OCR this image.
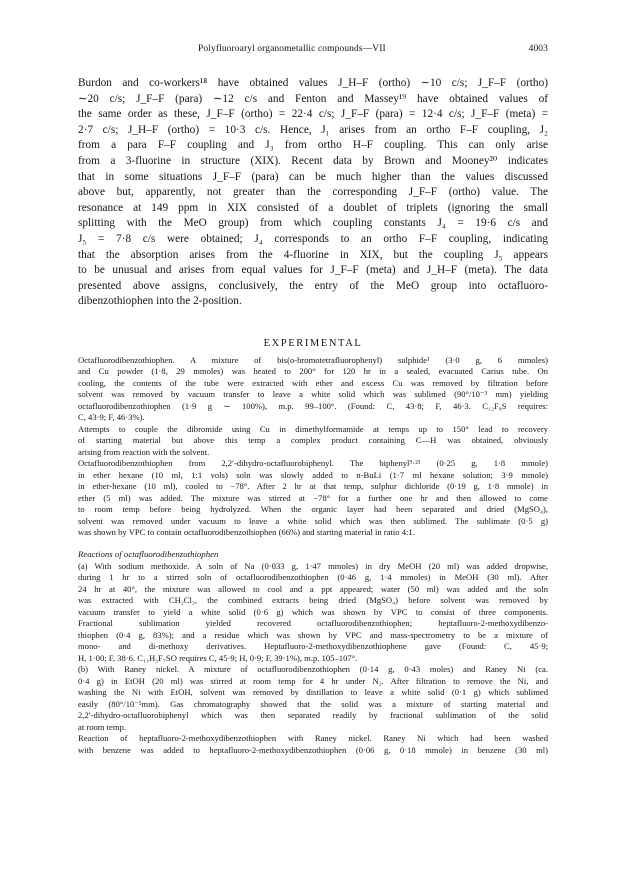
Polyfluoroaryl organometallic compounds—VII	4003
Burdon and co-workers¹⁸ have obtained values J_H–F (ortho) ∼10 c/s; J_F–F (ortho)
∼20 c/s; J_F–F (para) ∼12 c/s and Fenton and Massey¹⁹ have obtained values of
the same order as these, J_F–F (ortho) = 22·4 c/s; J_F–F (para) = 12·4 c/s; J_F–F (meta) =
2·7 c/s; J_H–F (ortho) = 10·3 c/s. Hence, J₁ arises from an ortho F–F coupling, J₂
from a para F–F coupling and J₃ from ortho H–F coupling. This can only arise
from a 3-fluorine in structure (XIX). Recent data by Brown and Mooney²⁰ indicates
that in some situations J_F–F (para) can be much higher than the values discussed
above but, apparently, not greater than the corresponding J_F–F (ortho) value. The
resonance at 149 ppm in XIX consisted of a doublet of triplets (ignoring the small
splitting with the MeO group) from which coupling constants J₄ = 19·6 c/s and
J₅ = 7·8 c/s were obtained; J₄ corresponds to an ortho F–F coupling, indicating
that the absorption arises from the 4-fluorine in XIX, but the coupling J₅ appears
to be unusual and arises from equal values for J_F–F (meta) and J_H–F (meta). The data
presented above assigns, conclusively, the entry of the MeO group into octafluoro-
dibenzothiophen into the 2-position.
EXPERIMENTAL
Octafluorodibenzothiophen. A mixture of bis(o-bromotetrafluorophenyl) sulphide¹ (3·0 g, 6 mmoles)
and Cu powder (1·8, 29 mmoles) was heated to 200° for 120 hr in a sealed, evacuated Carius tube. On
cooling, the contents of the tube were extracted with ether and excess Cu was removed by filtration before
solvent was removed by vacuum transfer to leave a white solid which was sublimed (90°/10⁻³ mm) yielding
octafluorodibenzothiophen (1·9 g ∼ 100%), m.p. 99–100°. (Found: C, 43·8; F, 46·3. C₁₂F₈S requires:
C, 43·9; F, 46·3%).
Attempts to couple the dibromide using Cu in dimethylformamide at temps up to 150° lead to recovery
of starting material but above this temp a complex product containing C—H was obtained, obviously
arising from reaction with the solvent.
Octafluorodibenzothiophen from 2,2′-dihydro-octafluorobiphenyl. The biphenyl⁹·²¹ (0·25 g, 1·8 mmole)
in ether hexane (10 ml, 1:1 vols) soln was slowly added to n-BuLi (1·7 ml hexane solution; 3·9 mmole)
in ether-hexane (10 ml), cooled to −78°. After 2 hr at that temp, sulphur dichloride (0·19 g, 1·8 mmole) in
ether (5 ml) was added. The mixture was stirred at −78° for a further one hr and then allowed to come
to room temp before being hydrolyzed. When the organic layer had been separated and dried (MgSO₄),
solvent was removed under vacuum to leave a white solid which was then sublimed. The sublimate (0·5 g)
was shown by VPC to contain octafluorodibenzothiophen (66%) and starting material in ratio 4:1.
Reactions of octafluorodibenzothiophen
(a) With sodium methoxide. A soln of Na (0·033 g, 1·47 mmoles) in dry MeOH (20 ml) was added dropwise,
during 1 hr to a stirred soln of octafluorodibenzothiophen (0·46 g, 1·4 mmoles) in MeOH (30 ml). After
24 hr at 40°, the mixture was allowed to cool and a ppt appeared; water (50 ml) was added and the soln
was extracted with CH₂Cl₂, the combined extracts being dried (MgSO₄) before solvent was removed by
vacuum transfer to yield a white solid (0·6 g) which was shown by VPC to consist of three components.
Fractional sublimation yielded recovered octafluorodibenzothiophen; heptafluoro-2-methoxydibenzo-
thiophen (0·4 g, 83%); and a residue which was shown by VPC and mass-spectrometry to be a mixture of
mono- and di-methoxy derivatives. Heptafluoro-2-methoxydibenzothiophene gave (Found: C, 45·9;
H, 1·00; F, 38·6. C₁₃H₃F₇SO requires C, 45·9; H, 0·9; F, 39·1%), m.p. 105–107°.
(b) With Raney nickel. A mixture of octafluorodibenzothiophen (0·14 g, 0·43 moles) and Raney Ni (ca.
0·4 g) in EtOH (20 ml) was stirred at room temp for 4 hr under N₂. After filtration to remove the Ni, and
washing the Ni with EtOH, solvent was removed by distillation to leave a white solid (0·1 g) which sublimed
easily (80°/10⁻²mm). Gas chromatography showed that the solid was a mixture of starting material and
2,2′-dihydro-octafluorobiphenyl which was then separated readily by fractional sublimation of the solid
at room temp.
Reaction of heptafluoro-2-methoxydibenzothiophen with Raney nickel. Raney Ni which had been washed
with benzene was added to heptafluoro-2-methoxydibenzothiophen (0·06 g, 0·18 mmole) in benzene (30 ml)
